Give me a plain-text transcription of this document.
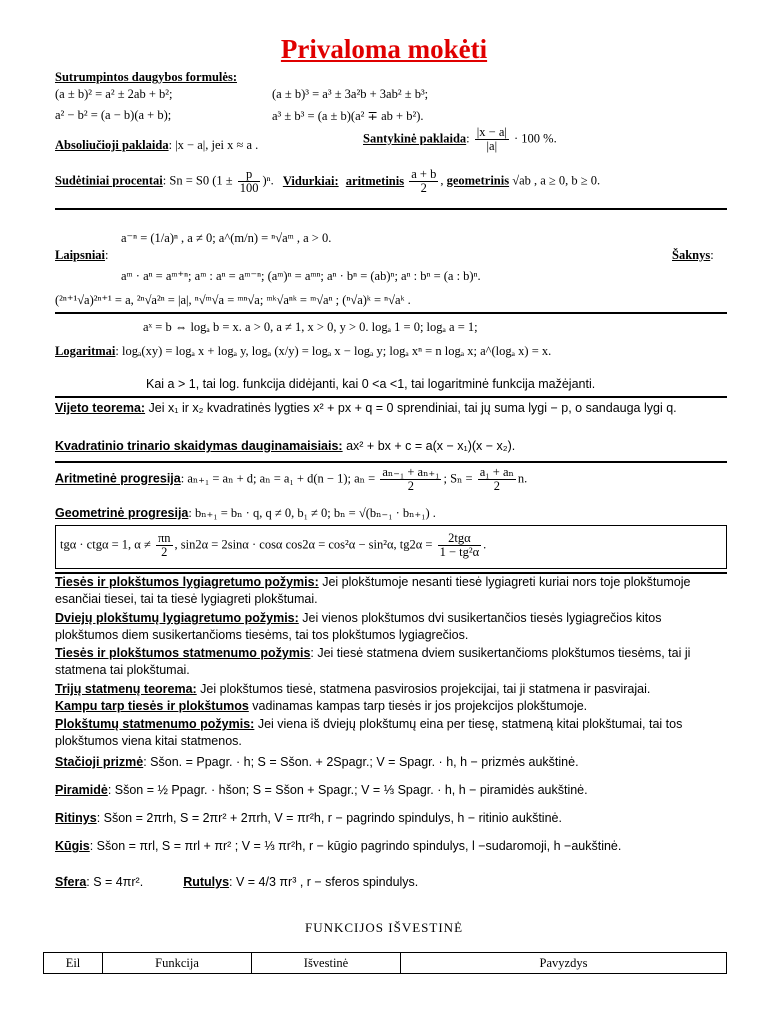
Privaloma mokėti
Sutrumpintos daugybos formulės:
(a ± b)² = a² ± 2ab + b²;	(a ± b)³ = a³ ± 3a²b + 3ab² ± b³;
a² − b² = (a − b)(a + b);	a³ ± b³ = (a ± b)(a² ∓ ab + b²).
Absoliučioji paklaida: |x − a|, jei x ≈ a .	Santykinė paklaida: $\frac{|x - a|}{|a|} \cdot 100$ %.
Sudėtiniai procentai: Sn = S0 $(1 \pm \frac{p}{100} )^n$. Vidurkiai: aritmetinis $\frac{a + b}{2}$ , geometrinis √ab , a ≥ 0, b ≥ 0.
a⁻ⁿ = (1/a)ⁿ , a ≠ 0; a^(m/n) = ⁿ√aᵐ , a > 0.
Laipsniai:	Šaknys:
aᵐ · aⁿ = aᵐ⁺ⁿ; aᵐ : aⁿ = aᵐ⁻ⁿ; (aᵐ)ⁿ = aᵐⁿ; aⁿ · bⁿ = (ab)ⁿ; aⁿ : bⁿ = (a : b)ⁿ.
(²ⁿ⁺¹√a)²ⁿ⁺¹ = a, ²ⁿ√a²ⁿ = |a|, ⁿ√ᵐ√a = ᵐⁿ√a; ᵐᵏ√aⁿᵏ = ᵐ√aⁿ ; (ⁿ√a)ᵏ = ⁿ√aᵏ .
aˣ = b ⇔ logₐ b = x. a > 0, a ≠ 1, x > 0, y > 0. logₐ 1 = 0; logₐ a = 1;
Logaritmai: logₐ(xy) = logₐ x + logₐ y, logₐ (x/y) = logₐ x − logₐ y; logₐ xⁿ = n logₐ x; a^(logₐ x) = x.
Kai a > 1, tai log. funkcija didėjanti, kai 0 <a <1, tai logaritminė funkcija mažėjanti.
Vijeto teorema: Jei x₁ ir x₂ kvadratinės lygties x² + px + q = 0 sprendiniai, tai jų suma lygi − p, o sandauga lygi q.
Kvadratinio trinario skaidymas dauginamaisiais: ax² + bx + c = a(x − x₁)(x − x₂).
Aritmetinė progresija: aₙ₊₁ = aₙ + d; aₙ = a₁ + d(n − 1); $a_n = \frac{\text{aₙ₋₁ + aₙ₊₁}}{2}$ ; $S_n = \frac{\text{a₁ + aₙ}}{2} n$.
Geometrinė progresija: bₙ₊₁ = bₙ · q, q ≠ 0, b₁ ≠ 0; bₙ = √(bₙ₋₁ · bₙ₊₁) .
tgα · ctgα = 1, $\alpha \ne \frac{\pi n}{2}$ , sin2α = 2sinα · cosα cos2α = cos²α − sin²α, $tg2\alpha = \frac{\text{2tgα}}{\text{1 − tg²α}}$ .
Tiesės ir plokštumos lygiagretumo požymis: Jei plokštumoje nesanti tiesė lygiagreti kuriai nors toje plokštumoje esančiai tiesei, tai ta tiesė lygiagreti plokštumai.
Dviejų plokštumų lygiagretumo požymis: Jei vienos plokštumos dvi susikertančios tiesės lygiagrečios kitos plokštumos diem susikertančioms tiesėms, tai tos plokštumos lygiagrečios.
Tiesės ir plokštumos statmenumo požymis: Jei tiesė statmena dviem susikertančioms plokštumos tiesėms, tai ji statmena tai plokštumai.
Trijų statmenų teorema: Jei plokštumos tiesė, statmena pasvirosios projekcijai, tai ji statmena ir pasvirajai.
Kampu tarp tiesės ir plokštumos vadinamas kampas tarp tiesės ir jos projekcijos plokštumoje.
Plokštumų statmenumo požymis: Jei viena iš dviejų plokštumų eina per tiesę, statmeną kitai plokštumai, tai tos plokštumos viena kitai statmenos.
Stačioji prizmė: Sšon. = Ppagr. · h; S = Sšon. + 2Spagr.; V = Spagr. · h, h − prizmės aukštinė.
Piramidė: Sšon = ½ Ppagr. · hšon; S = Sšon + Spagr.; V = ⅓ Spagr. · h, h − piramidės aukštinė.
Ritinys: Sšon = 2πrh, S = 2πr² + 2πrh, V = πr²h, r − pagrindo spindulys, h − ritinio aukštinė.
Kūgis: Sšon = πrl, S = πrl + πr² ; V = ⅓ πr²h, r − kūgio pagrindo spindulys, l −sudaromoji, h −aukštinė.
Sfera: S = 4πr².	Rutulys: V = 4/3 πr³ , r − sferos spindulys.
FUNKCIJOS IŠVESTINĖ
Eil	Funkcija	Išvestinė	Pavyzdys
